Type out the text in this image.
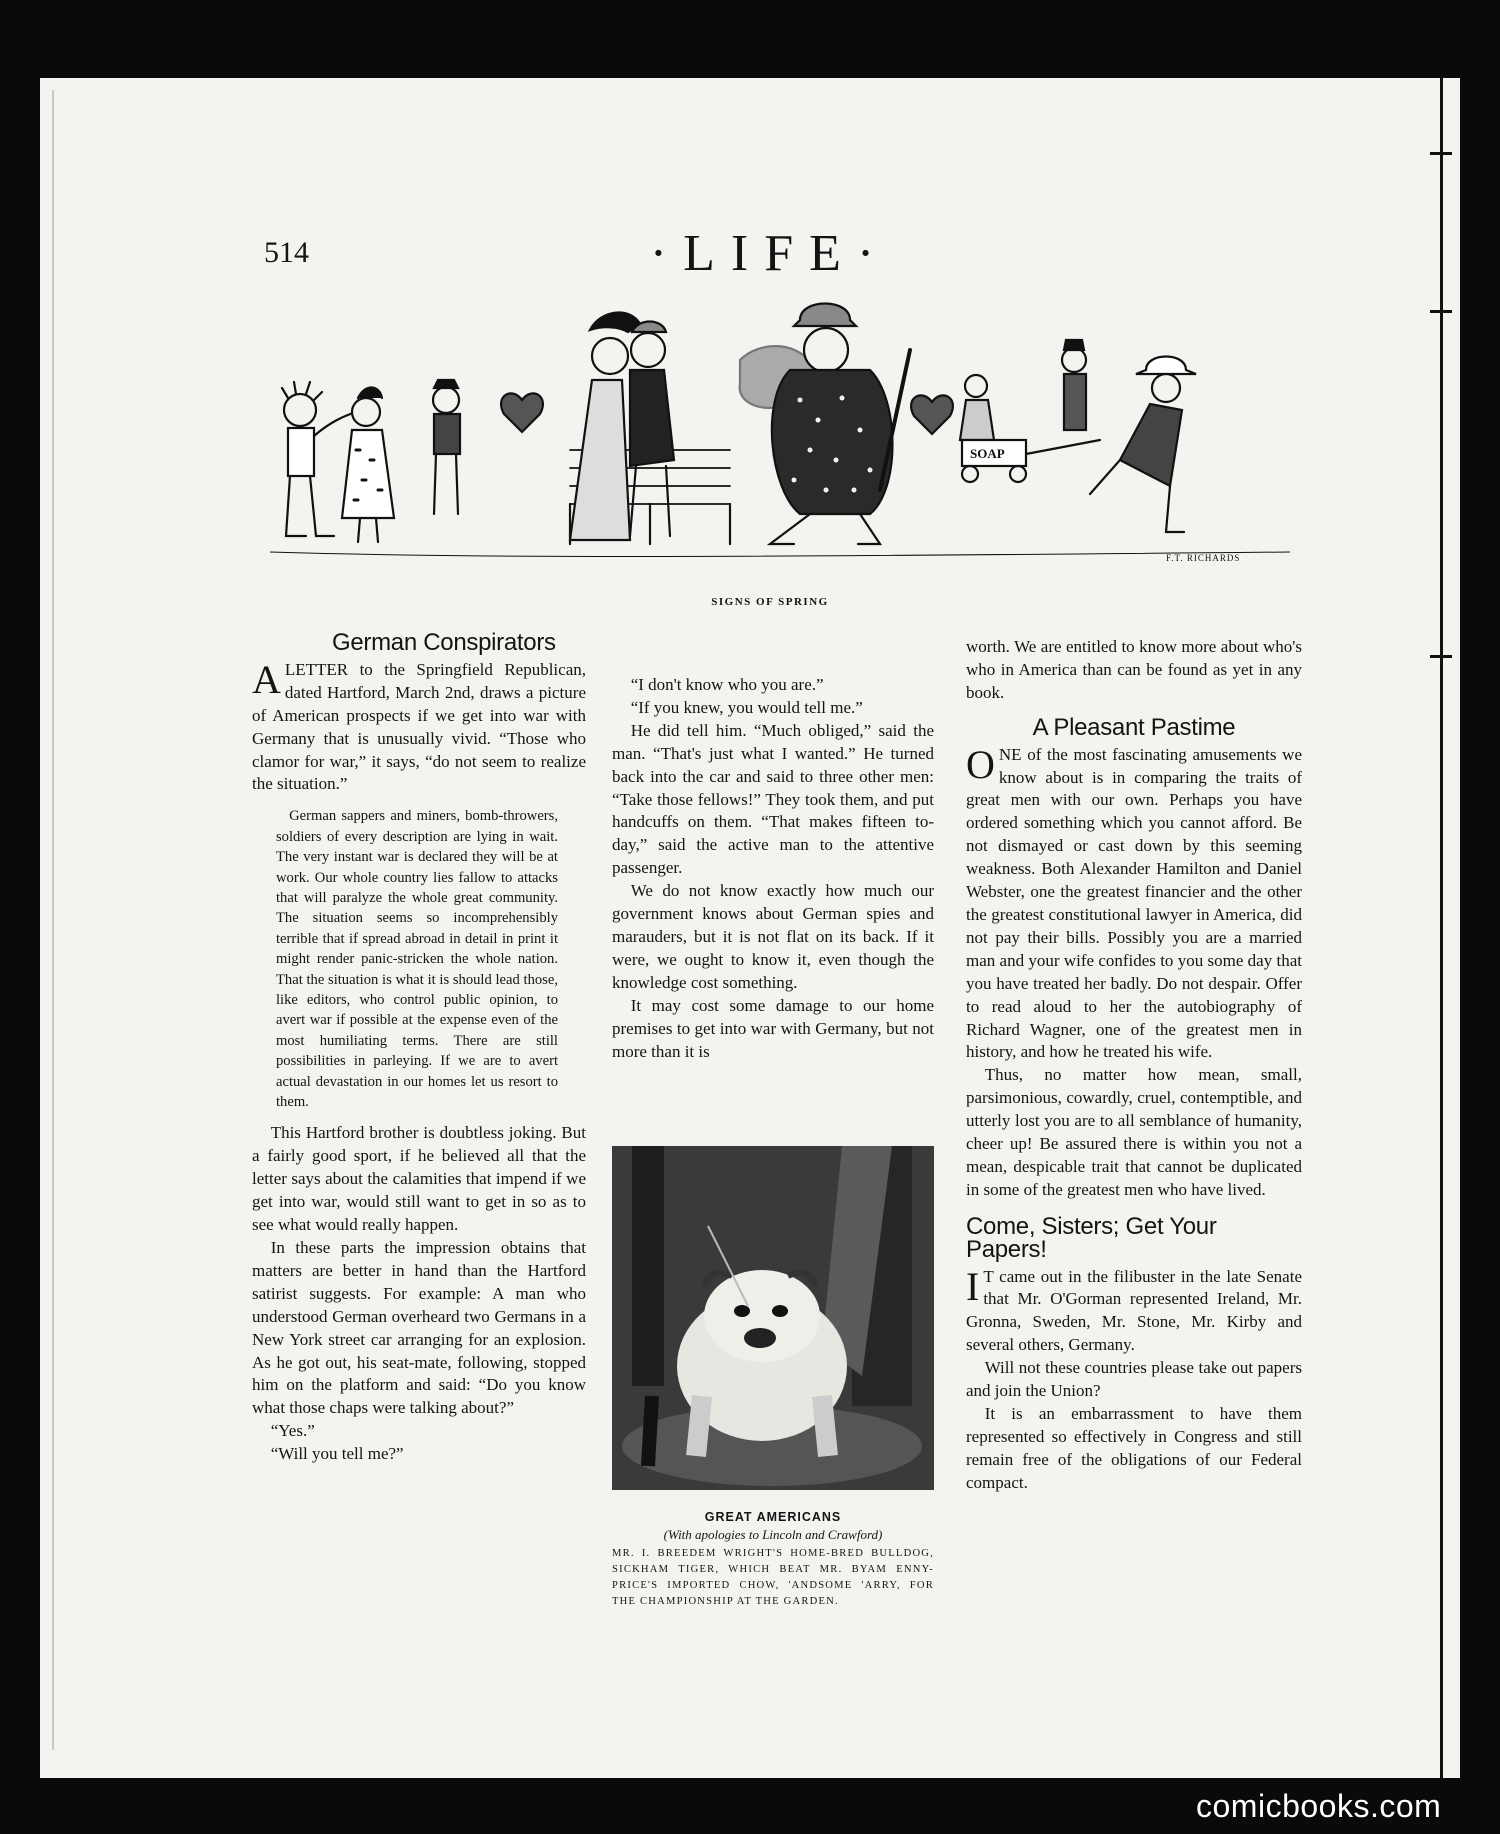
514	·LIFE·
SOAP
F.T. RICHARDS
SIGNS OF SPRING
German Conspirators

ALETTER to the Springfield Republican, dated Hartford, March 2nd, draws a picture of American prospects if we get into war with Germany that is unusually vivid. “Those who clamor for war,” it says, “do not seem to realize the situation.”

German sappers and miners, bomb-throwers, soldiers of every description are lying in wait. The very instant war is declared they will be at work. Our whole country lies fallow to attacks that will paralyze the whole great community. The situation seems so incomprehensibly terrible that if spread abroad in detail in print it might render panic-stricken the whole nation. That the situation is what it is should lead those, like editors, who control public opinion, to avert war if possible at the expense even of the most humiliating terms. There are still possibilities in parleying. If we are to avert actual devastation in our homes let us resort to them.

This Hartford brother is doubtless joking. But a fairly good sport, if he believed all that the letter says about the calamities that impend if we get into war, would still want to get in so as to see what would really happen.

In these parts the impression obtains that matters are better in hand than the Hartford satirist suggests. For example: A man who understood German overheard two Germans in a New York street car arranging for an explosion. As he got out, his seat-mate, following, stopped him on the platform and said: “Do you know what those chaps were talking about?”

“Yes.”

“Will you tell me?”

“I don't know who you are.”

“If you knew, you would tell me.”

He did tell him. “Much obliged,” said the man. “That's just what I wanted.” He turned back into the car and said to three other men: “Take those fellows!” They took them, and put handcuffs on them. “That makes fifteen to-day,” said the active man to the attentive passenger.

We do not know exactly how much our government knows about German spies and marauders, but it is not flat on its back. If it were, we ought to know it, even though the knowledge cost something.

It may cost some damage to our home premises to get into war with Germany, but not more than it is

GREAT AMERICANS
(With apologies to Lincoln and Crawford)
MR. I. BREEDEM WRIGHT'S HOME-BRED BULLDOG, SICKHAM TIGER, WHICH BEAT MR. BYAM ENNY-PRICE'S IMPORTED CHOW, 'ANDSOME 'ARRY, FOR THE CHAMPIONSHIP AT THE GARDEN.

worth. We are entitled to know more about who's who in America than can be found as yet in any book.

A Pleasant Pastime

ONE of the most fascinating amusements we know about is in comparing the traits of great men with our own. Perhaps you have ordered something which you cannot afford. Be not dismayed or cast down by this seeming weakness. Both Alexander Hamilton and Daniel Webster, one the greatest financier and the other the greatest constitutional lawyer in America, did not pay their bills. Possibly you are a married man and your wife confides to you some day that you have treated her badly. Do not despair. Offer to read aloud to her the autobiography of Richard Wagner, one of the greatest men in history, and how he treated his wife.

Thus, no matter how mean, small, parsimonious, cowardly, cruel, contemptible, and utterly lost you are to all semblance of humanity, cheer up! Be assured there is within you not a mean, despicable trait that cannot be duplicated in some of the greatest men who have lived.

Come, Sisters; Get Your Papers!

I T came out in the filibuster in the late Senate that Mr. O'Gorman represented Ireland, Mr. Gronna, Sweden, Mr. Stone, Mr. Kirby and several others, Germany.

Will not these countries please take out papers and join the Union?

It is an embarrassment to have them represented so effectively in Congress and still remain free of the obligations of our Federal compact.

comicbooks.com
